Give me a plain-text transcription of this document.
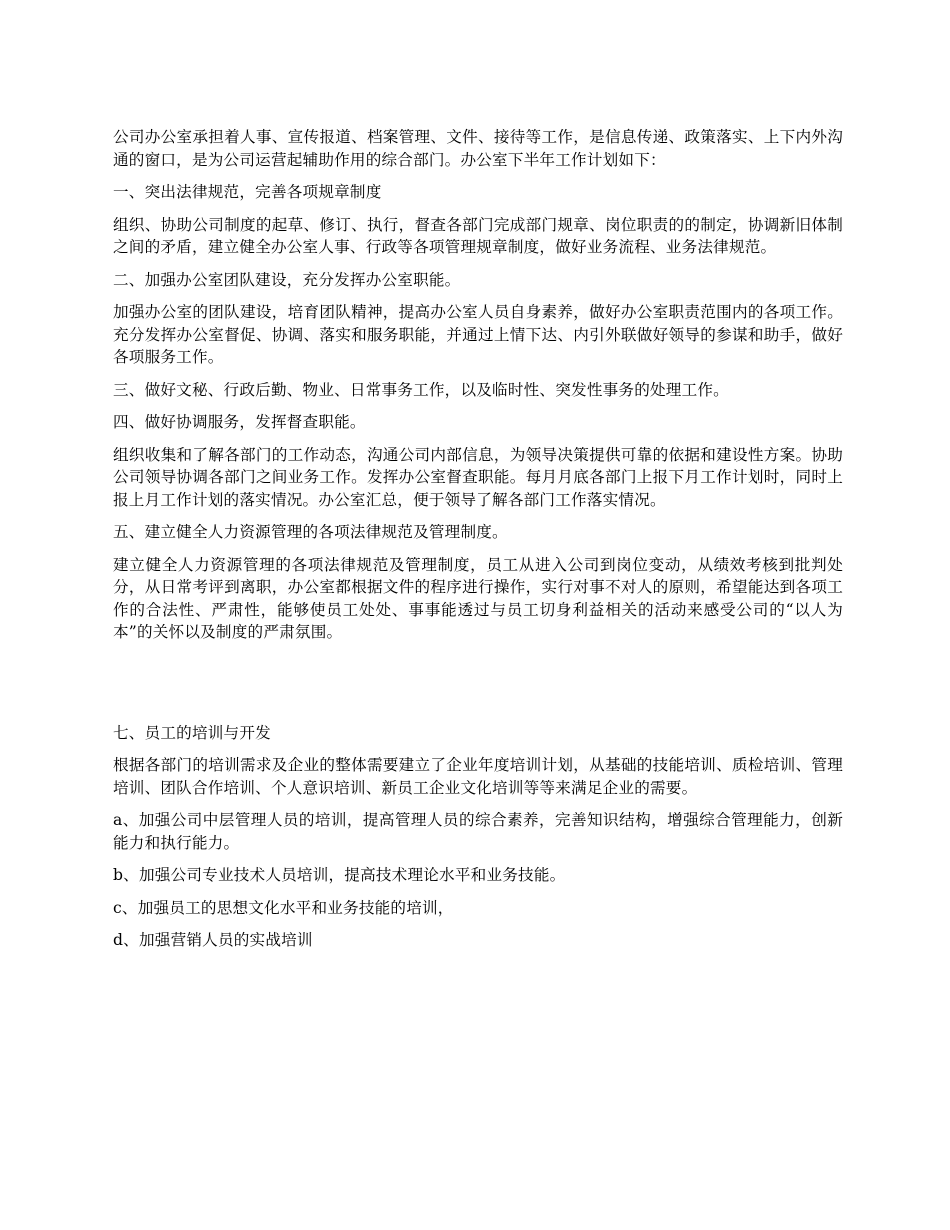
公司办公室承担着人事、宣传报道、档案管理、文件、接待等工作，是信息传递、政策落实、上下内外沟通的窗口，是为公司运营起辅助作用的综合部门。办公室下半年工作计划如下：

一、突出法律规范，完善各项规章制度

组织、协助公司制度的起草、修订、执行，督查各部门完成部门规章、岗位职责的的制定，协调新旧体制之间的矛盾，建立健全办公室人事、行政等各项管理规章制度，做好业务流程、业务法律规范。

二、加强办公室团队建设，充分发挥办公室职能。

加强办公室的团队建设，培育团队精神，提高办公室人员自身素养，做好办公室职责范围内的各项工作。充分发挥办公室督促、协调、落实和服务职能，并通过上情下达、内引外联做好领导的参谋和助手，做好各项服务工作。

三、做好文秘、行政后勤、物业、日常事务工作，以及临时性、突发性事务的处理工作。

四、做好协调服务，发挥督查职能。

组织收集和了解各部门的工作动态，沟通公司内部信息，为领导决策提供可靠的依据和建设性方案。协助公司领导协调各部门之间业务工作。发挥办公室督查职能。每月月底各部门上报下月工作计划时，同时上报上月工作计划的落实情况。办公室汇总，便于领导了解各部门工作落实情况。

五、建立健全人力资源管理的各项法律规范及管理制度。

建立健全人力资源管理的各项法律规范及管理制度，员工从进入公司到岗位变动，从绩效考核到批判处分，从日常考评到离职，办公室都根据文件的程序进行操作，实行对事不对人的原则，希望能达到各项工作的合法性、严肃性，能够使员工处处、事事能透过与员工切身利益相关的活动来感受公司的“以人为本”的关怀以及制度的严肃氛围。

七、员工的培训与开发

根据各部门的培训需求及企业的整体需要建立了企业年度培训计划，从基础的技能培训、质检培训、管理培训、团队合作培训、个人意识培训、新员工企业文化培训等等来满足企业的需要。

a、加强公司中层管理人员的培训，提高管理人员的综合素养，完善知识结构，增强综合管理能力，创新能力和执行能力。

b、加强公司专业技术人员培训，提高技术理论水平和业务技能。

c、加强员工的思想文化水平和业务技能的培训，

d、加强营销人员的实战培训
